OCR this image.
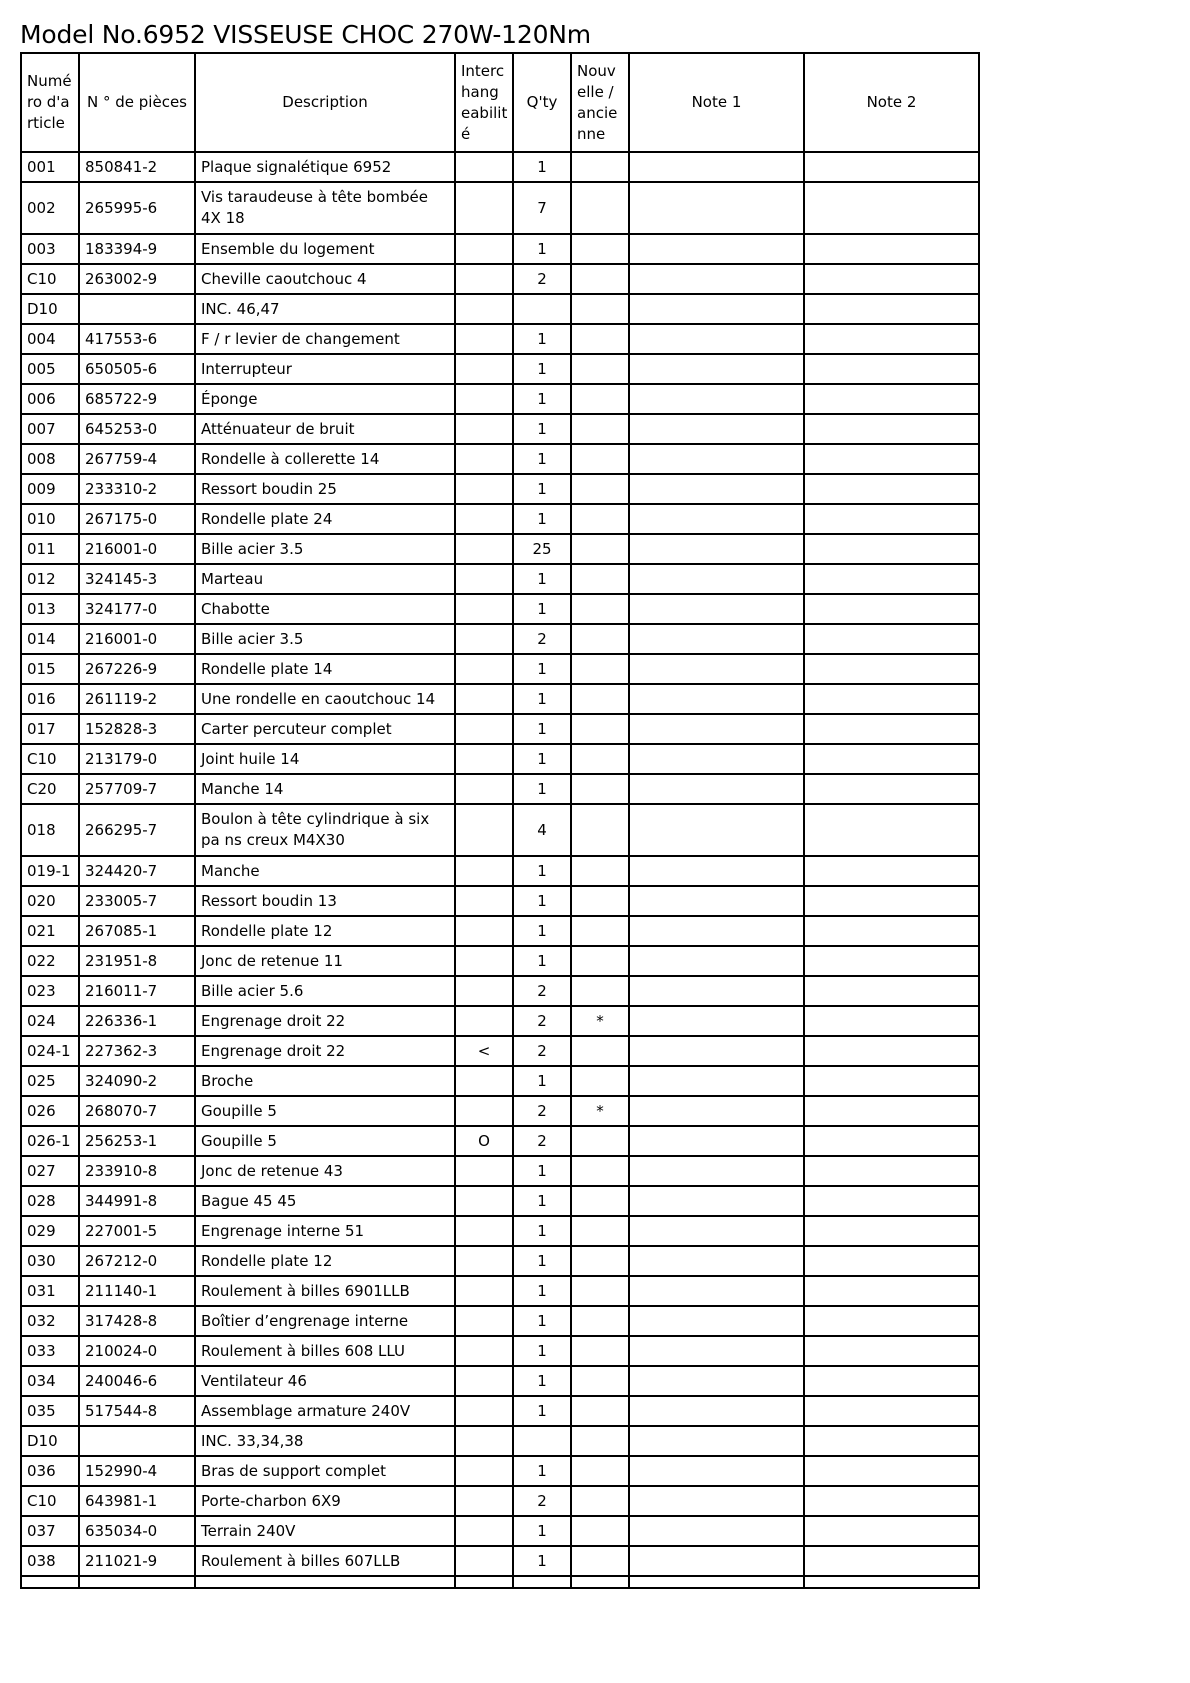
Model No.6952 VISSEUSE CHOC 270W-120Nm
Numé ro d'a rticle	N ° de pièces	Description	Interc hang eabilit é	Q'ty	Nouv elle / ancie nne	Note 1	Note 2
001	850841-2	Plaque signalétique 6952		1			
002	265995-6	Vis taraudeuse à tête bombée 4X 18		7			
003	183394-9	Ensemble du logement		1			
C10	263002-9	Cheville caoutchouc 4		2			
D10		INC. 46,47					
004	417553-6	F / r levier de changement		1			
005	650505-6	Interrupteur		1			
006	685722-9	Éponge		1			
007	645253-0	Atténuateur de bruit		1			
008	267759-4	Rondelle à collerette 14		1			
009	233310-2	Ressort boudin 25		1			
010	267175-0	Rondelle plate 24		1			
011	216001-0	Bille acier 3.5		25			
012	324145-3	Marteau		1			
013	324177-0	Chabotte		1			
014	216001-0	Bille acier 3.5		2			
015	267226-9	Rondelle plate 14		1			
016	261119-2	Une rondelle en caoutchouc 14		1			
017	152828-3	Carter percuteur complet		1			
C10	213179-0	Joint huile 14		1			
C20	257709-7	Manche 14		1			
018	266295-7	Boulon à tête cylindrique à six pa ns creux M4X30		4			
019-1	324420-7	Manche		1			
020	233005-7	Ressort boudin 13		1			
021	267085-1	Rondelle plate 12		1			
022	231951-8	Jonc de retenue 11		1			
023	216011-7	Bille acier 5.6		2			
024	226336-1	Engrenage droit 22		2	*		
024-1	227362-3	Engrenage droit 22	<	2			
025	324090-2	Broche		1			
026	268070-7	Goupille 5		2	*		
026-1	256253-1	Goupille 5	O	2			
027	233910-8	Jonc de retenue 43		1			
028	344991-8	Bague 45 45		1			
029	227001-5	Engrenage interne 51		1			
030	267212-0	Rondelle plate 12		1			
031	211140-1	Roulement à billes 6901LLB		1			
032	317428-8	Boîtier d’engrenage interne		1			
033	210024-0	Roulement à billes 608 LLU		1			
034	240046-6	Ventilateur 46		1			
035	517544-8	Assemblage armature 240V		1			
D10		INC. 33,34,38					
036	152990-4	Bras de support complet		1			
C10	643981-1	Porte-charbon 6X9		2			
037	635034-0	Terrain 240V		1			
038	211021-9	Roulement à billes 607LLB		1			
